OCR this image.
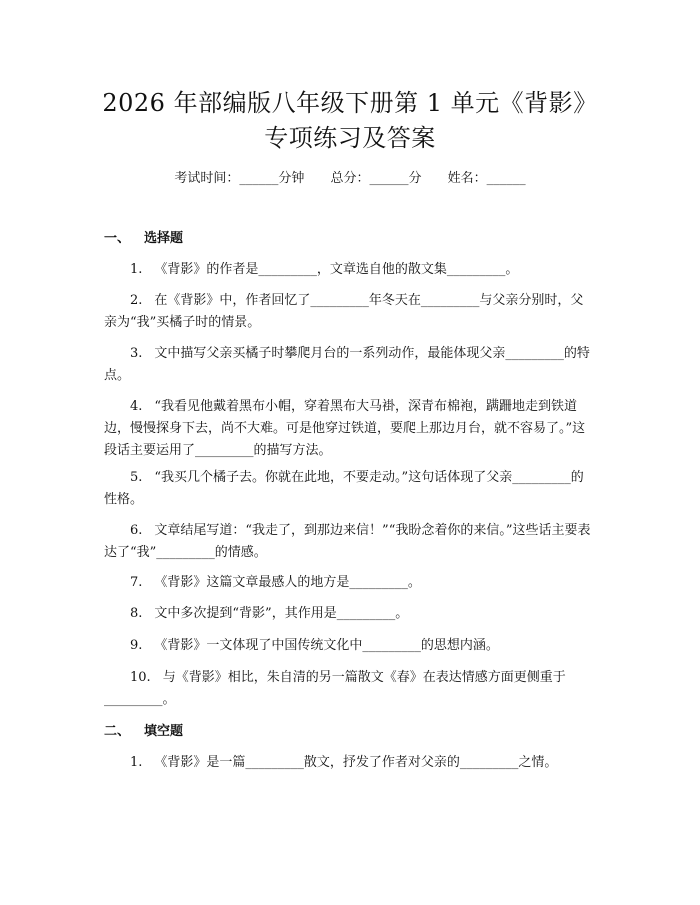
2026 年部编版八年级下册第 1 单元《背影》
专项练习及答案
考试时间：______分钟 总分：______分 姓名：______
一、 选择题
1. 《背影》的作者是_________，文章选自他的散文集_________。
2. 在《背影》中，作者回忆了_________年冬天在_________与父亲分别时，父亲为“我”买橘子时的情景。
3. 文中描写父亲买橘子时攀爬月台的一系列动作，最能体现父亲_________的特点。
4. “我看见他戴着黑布小帽，穿着黑布大马褂，深青布棉袍，蹒跚地走到铁道边，慢慢探身下去，尚不大难。可是他穿过铁道，要爬上那边月台，就不容易了。”这段话主要运用了_________的描写方法。
5. “我买几个橘子去。你就在此地，不要走动。”这句话体现了父亲_________的性格。
6. 文章结尾写道：“我走了，到那边来信！”“我盼念着你的来信。”这些话主要表达了“我”_________的情感。
7. 《背影》这篇文章最感人的地方是_________。
8. 文中多次提到“背影”，其作用是_________。
9. 《背影》一文体现了中国传统文化中_________的思想内涵。
10. 与《背影》相比，朱自清的另一篇散文《春》在表达情感方面更侧重于_________。
二、 填空题
1. 《背影》是一篇_________散文，抒发了作者对父亲的_________之情。
